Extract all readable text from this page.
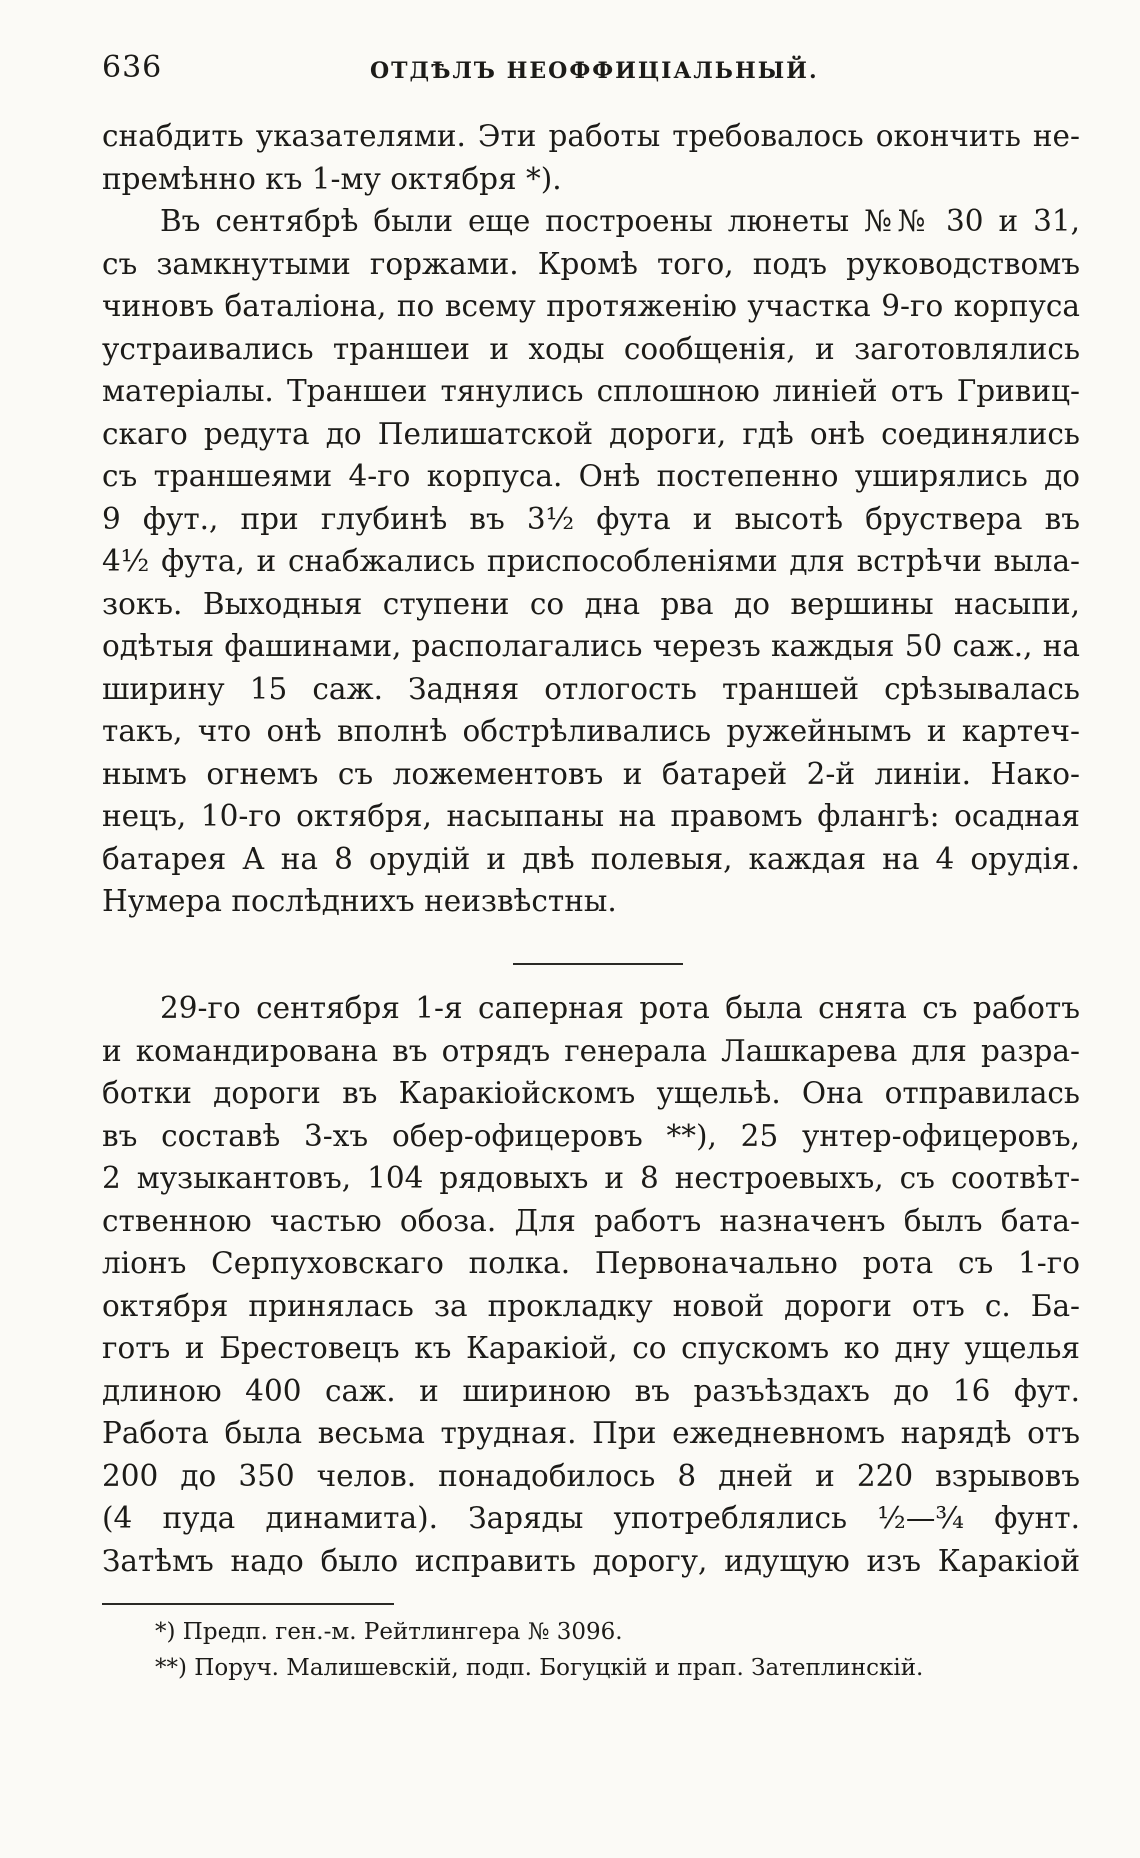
636	ОТДѢЛЪ НЕОФФИЦІАЛЬНЫЙ.

снабдить указателями. Эти работы требовалось окончить не-
премѣнно къ 1-му октября *).

Въ сентябрѣ были еще построены люнеты №№ 30 и 31,
съ замкнутыми горжами. Кромѣ того, подъ руководствомъ
чиновъ баталіона, по всему протяженію участка 9-го корпуса
устраивались траншеи и ходы сообщенія, и заготовлялись
матеріалы. Траншеи тянулись сплошною линiей отъ Гривиц-
скаго редута до Пелишатской дороги, гдѣ онѣ соединялись
съ траншеями 4-го корпуса. Онѣ постепенно уширялись до
9 фут., при глубинѣ въ 3½ фута и высотѣ бруствера въ
4½ фута, и снабжались приспособленіями для встрѣчи выла-
зокъ. Выходныя ступени со дна рва до вершины насыпи,
одѣтыя фашинами, располагались черезъ каждыя 50 саж., на
ширину 15 саж. Задняя отлогость траншей срѣзывалась
такъ, что онѣ вполнѣ обстрѣливались ружейнымъ и картеч-
нымъ огнемъ съ ложементовъ и батарей 2-й линіи. Нако-
нецъ, 10-го октября, насыпаны на правомъ флангѣ: осадная
батарея А на 8 орудій и двѣ полевыя, каждая на 4 орудія.
Нумера послѣднихъ неизвѣстны.

29-го сентября 1-я саперная рота была снята съ работъ
и командирована въ отрядъ генерала Лашкарева для разра-
ботки дороги въ Каракіойскомъ ущельѣ. Она отправилась
въ составѣ 3-хъ обер-офицеровъ **), 25 унтер-офицеровъ,
2 музыкантовъ, 104 рядовыхъ и 8 нестроевыхъ, съ соотвѣт-
ственною частью обоза. Для работъ назначенъ былъ бата-
ліонъ Серпуховскаго полка. Первоначально рота съ 1-го
октября принялась за прокладку новой дороги отъ с. Ба-
готъ и Брестовецъ къ Каракіой, со спускомъ ко дну ущелья
длиною 400 саж. и шириною въ разъѣздахъ до 16 фут.
Работа была весьма трудная. При ежедневномъ нарядѣ отъ
200 до 350 челов. понадобилось 8 дней и 220 взрывовъ
(4 пуда динамита). Заряды употреблялись ½—¾ фунт.
Затѣмъ надо было исправить дорогу, идущую изъ Каракіой

*) Предп. ген.-м. Рейтлингера № 3096.
**) Поруч. Малишевскій, подп. Богуцкій и прап. Затеплинскій.
